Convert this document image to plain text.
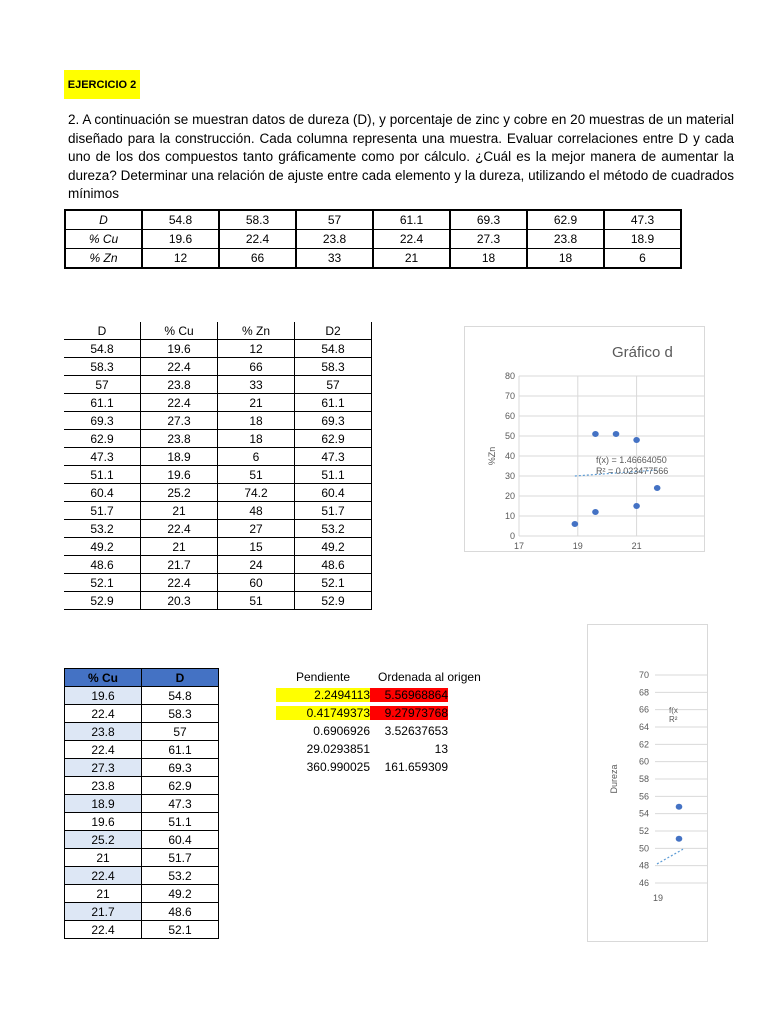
EJERCICIO 2
2. A continuación se muestran datos de dureza (D), y porcentaje de zinc y cobre en 20 muestras de un material diseñado para la construcción. Cada columna representa una muestra. Evaluar correlaciones entre D y cada uno de los dos compuestos tanto gráficamente como por cálculo. ¿Cuál es la mejor manera de aumentar la dureza? Determinar una relación de ajuste entre cada elemento y la dureza, utilizando el método de cuadrados mínimos
D	54.8	58.3	57	61.1	69.3	62.9	47.3
% Cu	19.6	22.4	23.8	22.4	27.3	23.8	18.9
% Zn	12	66	33	21	18	18	6
D	% Cu	% Zn	D2
54.8	19.6	12	54.8
58.3	22.4	66	58.3
57	23.8	33	57
61.1	22.4	21	61.1
69.3	27.3	18	69.3
62.9	23.8	18	62.9
47.3	18.9	6	47.3
51.1	19.6	51	51.1
60.4	25.2	74.2	60.4
51.7	21	48	51.7
53.2	22.4	27	53.2
49.2	21	15	49.2
48.6	21.7	24	48.6
52.1	22.4	60	52.1
52.9	20.3	51	52.9
Gráfico d
0
10
20
30
40
50
60
70
80
17	19	21
%Zn	f(x) = 1.46664050
R² = 0.023477566
% Cu	D
19.6	54.8
22.4	58.3
23.8	57
22.4	61.1
27.3	69.3
23.8	62.9
18.9	47.3
19.6	51.1
25.2	60.4
21	51.7
22.4	53.2
21	49.2
21.7	48.6
22.4	52.1
Pendiente	Ordenada al origen
2.2494113	5.56968864
0.41749373	9.27973768
0.6906926	3.52637653
29.0293851	13
360.990025	161.659309
46
48
50
52
54
56
58
60
62
64
66
68
70
19
Dureza
f(x
R²
